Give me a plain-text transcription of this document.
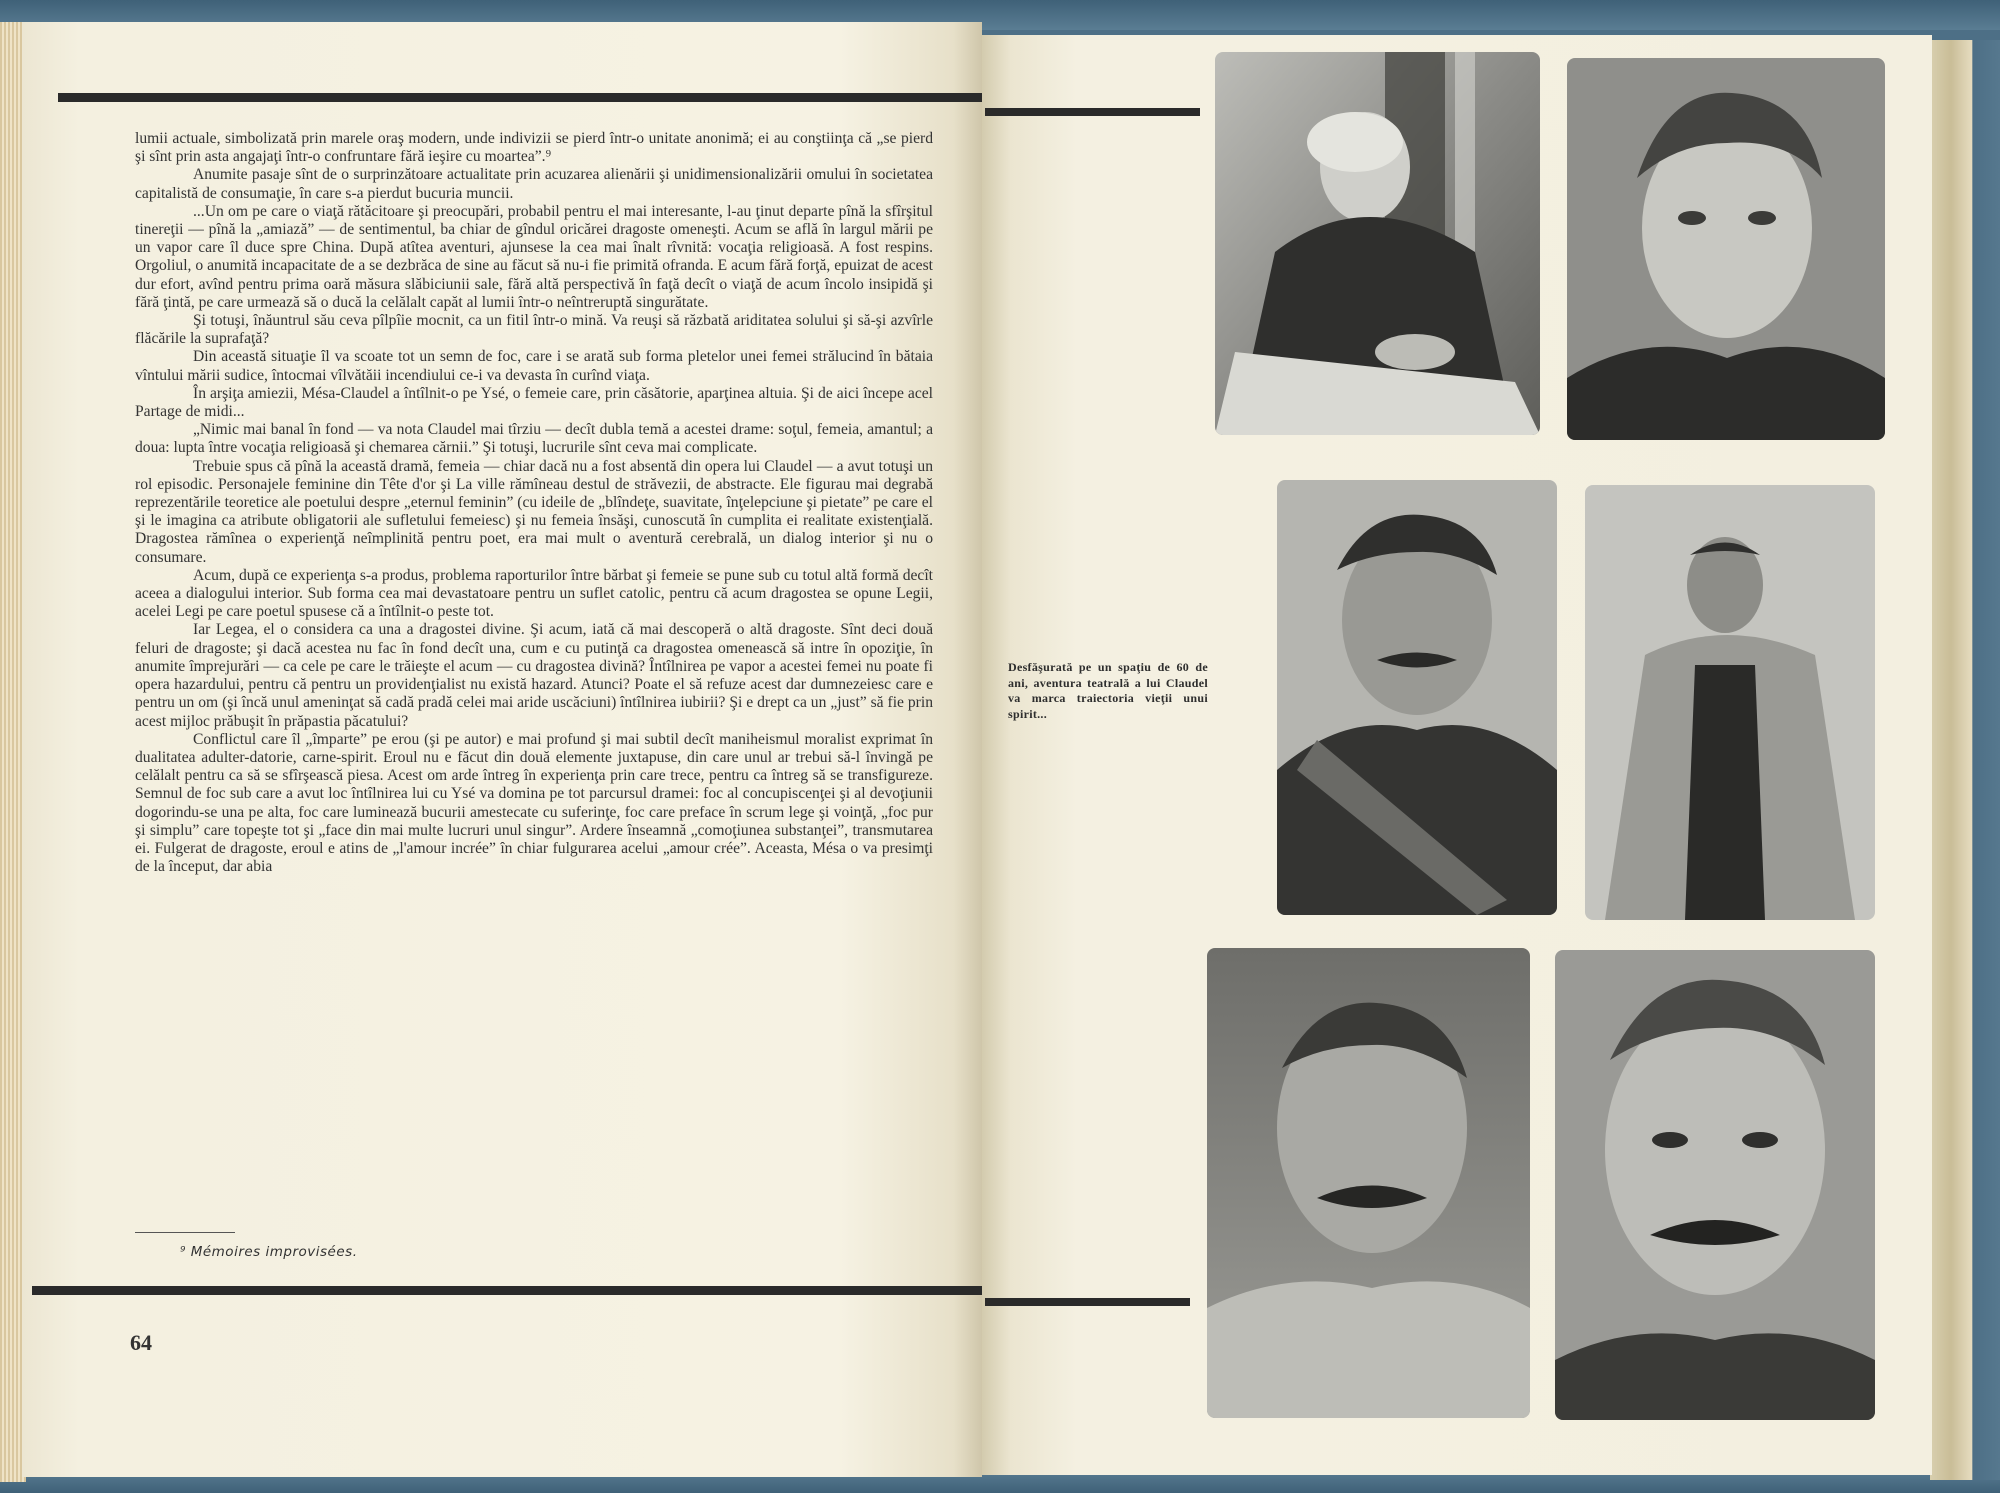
lumii actuale, simbolizată prin marele oraş modern, unde indivizii se pierd într-o unitate anonimă; ei au conştiinţa că „se pierd şi sînt prin asta angajaţi într-o confruntare fără ieşire cu moartea”.⁹

Anumite pasaje sînt de o surprinzătoare actualitate prin acuzarea alienării şi unidimensionalizării omului în societatea capitalistă de consumaţie, în care s-a pierdut bucuria muncii.

...Un om pe care o viaţă rătăcitoare şi preocupări, probabil pentru el mai interesante, l-au ţinut departe pînă la sfîrşitul tinereţii — pînă la „amiază” — de sentimentul, ba chiar de gîndul oricărei dragoste omeneşti. Acum se află în largul mării pe un vapor care îl duce spre China. După atîtea aventuri, ajunsese la cea mai înalt rîvnită: vocaţia religioasă. A fost respins. Orgoliul, o anumită incapacitate de a se dezbrăca de sine au făcut să nu-i fie primită ofranda. E acum fără forţă, epuizat de acest dur efort, avînd pentru prima oară măsura slăbiciunii sale, fără altă perspectivă în faţă decît o viaţă de acum încolo insipidă şi fără ţintă, pe care urmează să o ducă la celălalt capăt al lumii într-o neîntreruptă singurătate.

Şi totuşi, înăuntrul său ceva pîlpîie mocnit, ca un fitil într-o mină. Va reuşi să răzbată ariditatea solului şi să-şi azvîrle flăcările la suprafaţă?

Din această situaţie îl va scoate tot un semn de foc, care i se arată sub forma pletelor unei femei strălucind în bătaia vîntului mării sudice, întocmai vîlvătăii incendiului ce-i va devasta în curînd viaţa.

În arşiţa amiezii, Mésa-Claudel a întîlnit-o pe Ysé, o femeie care, prin căsătorie, aparţinea altuia. Şi de aici începe acel Partage de midi...

„Nimic mai banal în fond — va nota Claudel mai tîrziu — decît dubla temă a acestei drame: soţul, femeia, amantul; a doua: lupta între vocaţia religioasă şi chemarea cărnii.” Şi totuşi, lucrurile sînt ceva mai complicate.

Trebuie spus că pînă la această dramă, femeia — chiar dacă nu a fost absentă din opera lui Claudel — a avut totuşi un rol episodic. Personajele feminine din Tête d'or şi La ville rămîneau destul de străvezii, de abstracte. Ele figurau mai degrabă reprezentările teoretice ale poetului despre „eternul feminin” (cu ideile de „blîndeţe, suavitate, înţelepciune şi pietate” pe care el şi le imagina ca atribute obligatorii ale sufletului femeiesc) şi nu femeia însăşi, cunoscută în cumplita ei realitate existenţială. Dragostea rămînea o experienţă neîmplinită pentru poet, era mai mult o aventură cerebrală, un dialog interior şi nu o consumare.

Acum, după ce experienţa s-a produs, problema raporturilor între bărbat şi femeie se pune sub cu totul altă formă decît aceea a dialogului interior. Sub forma cea mai devastatoare pentru un suflet catolic, pentru că acum dragostea se opune Legii, acelei Legi pe care poetul spusese că a întîlnit-o peste tot.

Iar Legea, el o considera ca una a dragostei divine. Şi acum, iată că mai descoperă o altă dragoste. Sînt deci două feluri de dragoste; şi dacă acestea nu fac în fond decît una, cum e cu putinţă ca dragostea omenească să intre în opoziţie, în anumite împrejurări — ca cele pe care le trăieşte el acum — cu dragostea divină? Întîlnirea pe vapor a acestei femei nu poate fi opera hazardului, pentru că pentru un providenţialist nu există hazard. Atunci? Poate el să refuze acest dar dumnezeiesc care e pentru un om (şi încă unul ameninţat să cadă pradă celei mai aride uscăciuni) întîlnirea iubirii? Şi e drept ca un „just” să fie prin acest mijloc prăbuşit în prăpastia păcatului?

Conflictul care îl „împarte” pe erou (şi pe autor) e mai profund şi mai subtil decît maniheismul moralist exprimat în dualitatea adulter-datorie, carne-spirit. Eroul nu e făcut din două elemente juxtapuse, din care unul ar trebui să-l învingă pe celălalt pentru ca să se sfîrşească piesa. Acest om arde întreg în experienţa prin care trece, pentru ca întreg să se transfigureze. Semnul de foc sub care a avut loc întîlnirea lui cu Ysé va domina pe tot parcursul dramei: foc al concupiscenţei şi al devoţiunii dogorindu-se una pe alta, foc care luminează bucurii amestecate cu suferinţe, foc care preface în scrum lege şi voinţă, „foc pur şi simplu” care topeşte tot şi „face din mai multe lucruri unul singur”. Ardere înseamnă „comoţiunea substanţei”, transmutarea ei. Fulgerat de dragoste, eroul e atins de „l'amour incrée” în chiar fulgurarea acelui „amour crée”. Aceasta, Mésa o va presimţi de la început, dar abia

⁹ Mémoires improvisées.
64
Desfăşurată pe un spaţiu de 60 de ani, aventura teatrală a lui Claudel va marca traiectoria vieţii unui spirit...
